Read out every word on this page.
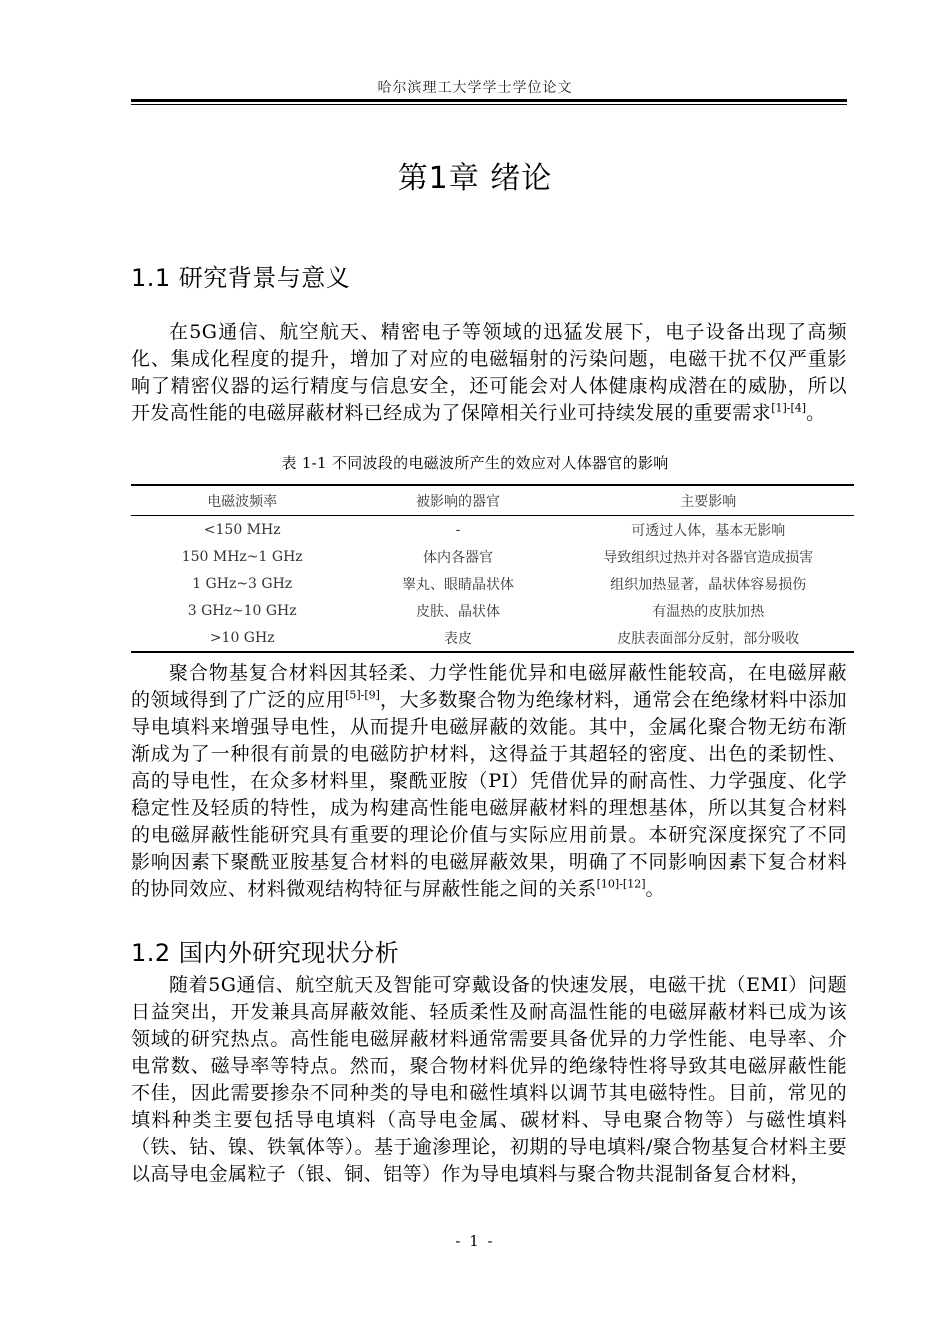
哈尔滨理工大学学士学位论文
第1章 绪论
1.1 研究背景与意义

在5G通信、航空航天、精密电子等领域的迅猛发展下，电子设备出现了高频化、集成化程度的提升，增加了对应的电磁辐射的污染问题，电磁干扰不仅严重影响了精密仪器的运行精度与信息安全，还可能会对人体健康构成潜在的威胁，所以开发高性能的电磁屏蔽材料已经成为了保障相关行业可持续发展的重要需求[1]-[4]。

表 1-1 不同波段的电磁波所产生的效应对人体器官的影响
电磁波频率	被影响的器官	主要影响
<150 MHz	-	可透过人体，基本无影响
150 MHz~1 GHz	体内各器官	导致组织过热并对各器官造成损害
1 GHz~3 GHz	睾丸、眼睛晶状体	组织加热显著，晶状体容易损伤
3 GHz~10 GHz	皮肤、晶状体	有温热的皮肤加热
>10 GHz	表皮	皮肤表面部分反射，部分吸收

聚合物基复合材料因其轻柔、力学性能优异和电磁屏蔽性能较高，在电磁屏蔽的领域得到了广泛的应用[5]-[9]，大多数聚合物为绝缘材料，通常会在绝缘材料中添加导电填料来增强导电性，从而提升电磁屏蔽的效能。其中，金属化聚合物无纺布渐渐成为了一种很有前景的电磁防护材料，这得益于其超轻的密度、出色的柔韧性、高的导电性，在众多材料里，聚酰亚胺（PI）凭借优异的耐高性、力学强度、化学稳定性及轻质的特性，成为构建高性能电磁屏蔽材料的理想基体，所以其复合材料的电磁屏蔽性能研究具有重要的理论价值与实际应用前景。本研究深度探究了不同影响因素下聚酰亚胺基复合材料的电磁屏蔽效果，明确了不同影响因素下复合材料的协同效应、材料微观结构特征与屏蔽性能之间的关系[10]-[12]。

1.2 国内外研究现状分析

随着5G通信、航空航天及智能可穿戴设备的快速发展，电磁干扰（EMI）问题日益突出，开发兼具高屏蔽效能、轻质柔性及耐高温性能的电磁屏蔽材料已成为该领域的研究热点。高性能电磁屏蔽材料通常需要具备优异的力学性能、电导率、介电常数、磁导率等特点。然而，聚合物材料优异的绝缘特性将导致其电磁屏蔽性能不佳，因此需要掺杂不同种类的导电和磁性填料以调节其电磁特性。目前，常见的填料种类主要包括导电填料（高导电金属、碳材料、导电聚合物等）与磁性填料（铁、钴、镍、铁氧体等）。基于逾渗理论，初期的导电填料/聚合物基复合材料主要以高导电金属粒子（银、铜、铝等）作为导电填料与聚合物共混制备复合材料，

- 1 -
